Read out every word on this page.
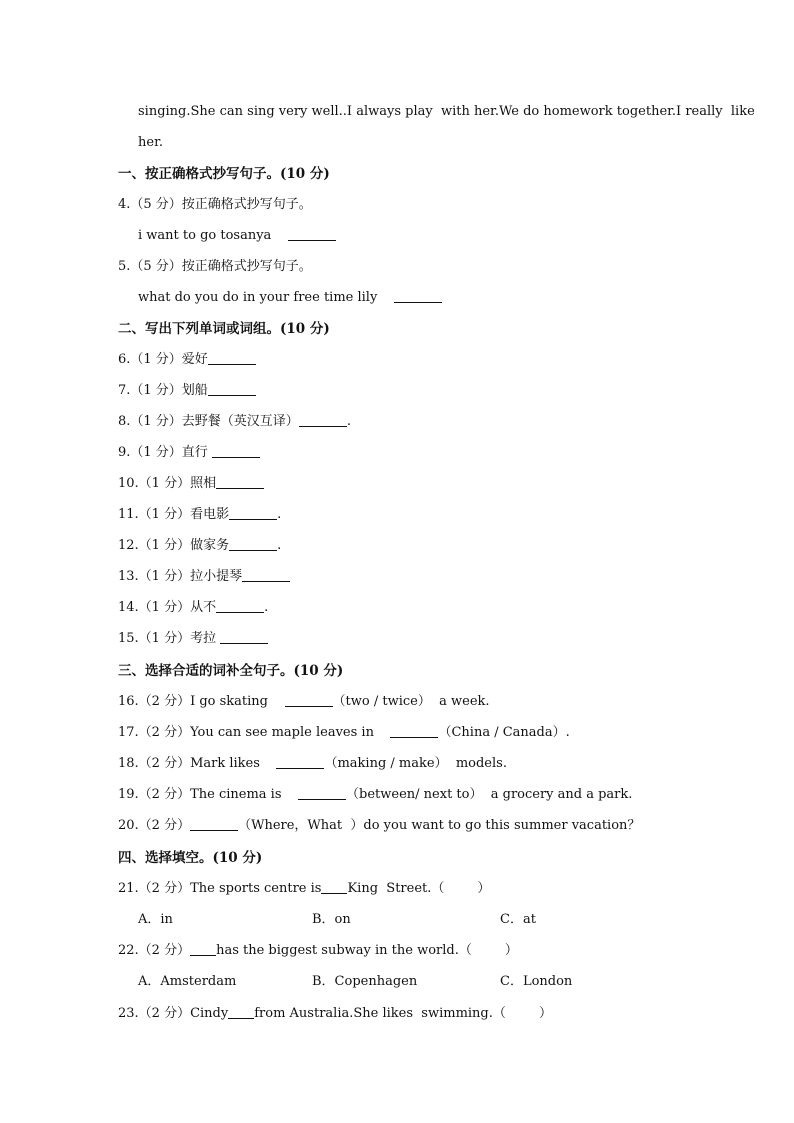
singing.She can sing very well..I always play  with her.We do homework together.I really  like
her.
一、按正确格式抄写句子。(10 分)
4.（5 分）按正确格式抄写句子。
i want to go tosanya
5.（5 分）按正确格式抄写句子。
what do you do in your free time lily
二、写出下列单词或词组。(10 分)
6.（1 分）爱好
7.（1 分）划船
8.（1 分）去野餐（英汉互译）	.
9.（1 分）直行
10.（1 分）照相
11.（1 分）看电影	.
12.（1 分）做家务	.
13.（1 分）拉小提琴
14.（1 分）从不	.
15.（1 分）考拉
三、选择合适的词补全句子。(10 分)
16.（2 分）I go skating	（two / twice）  a week.
17.（2 分）You can see maple leaves in	（China / Canada）.
18.（2 分）Mark likes	（making / make）  models.
19.（2 分）The cinema is	（between/ next to）  a grocery and a park.
20.（2 分）	（Where，What  ）do you want to go this summer vacation？
四、选择填空。(10 分)
21.（2 分）The sports centre is King  Street.（        ）
A．in	B．on	C．at
22.（2 分） has the biggest subway in the world.（        ）
A．Amsterdam	B．Copenhagen	C．London
23.（2 分）Cindy from Australia.She likes  swimming.（        ）
